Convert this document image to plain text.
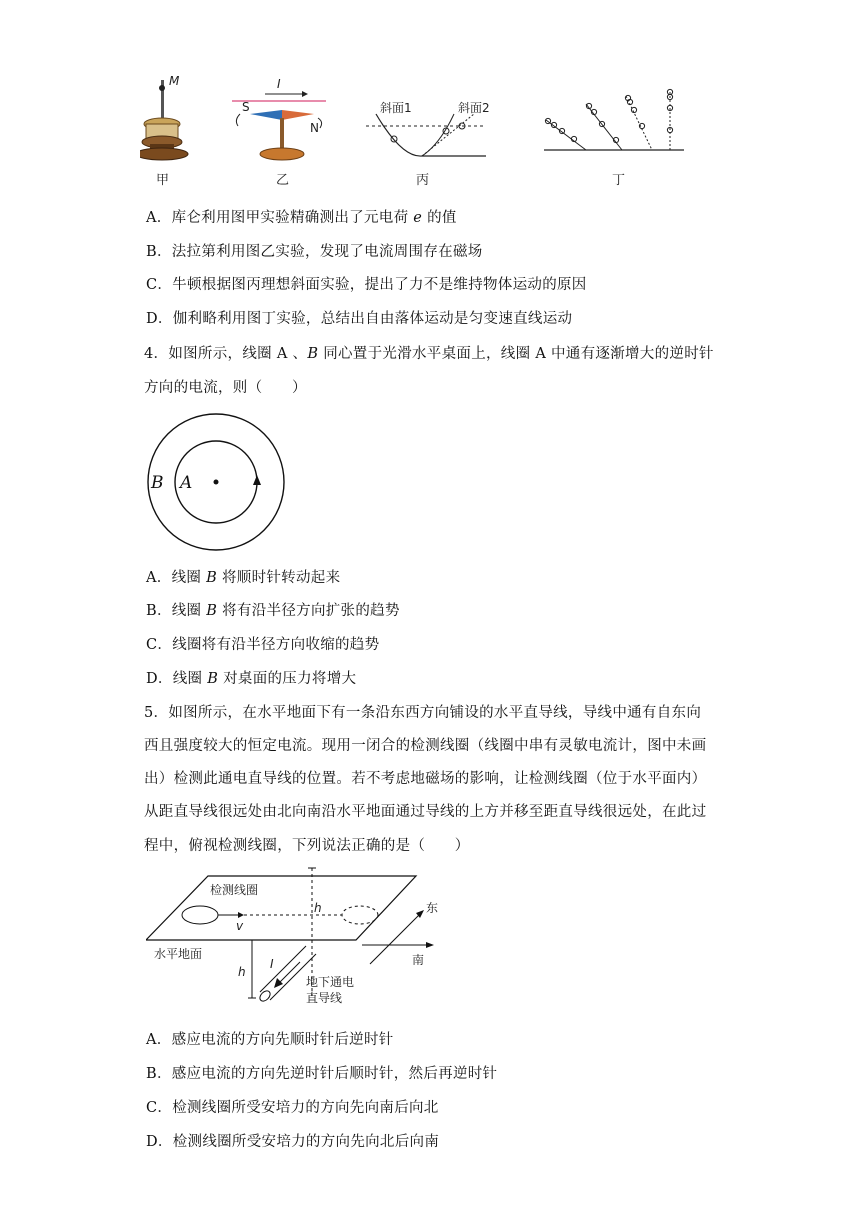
M
甲
I
S
N
乙
斜面1	斜面2
丙	丁
A．库仑利用图甲实验精确测出了元电荷 e 的值
B．法拉第利用图乙实验，发现了电流周围存在磁场
C．牛顿根据图丙理想斜面实验，提出了力不是维持物体运动的原因
D．伽利略利用图丁实验，总结出自由落体运动是匀变速直线运动
4．如图所示，线圈 A 、B 同心置于光滑水平桌面上，线圈 A 中通有逐渐增大的逆时针
方向的电流，则（　　）
B A
A．线圈 B 将顺时针转动起来
B．线圈 B 将有沿半径方向扩张的趋势
C．线圈将有沿半径方向收缩的趋势
D．线圈 B 对桌面的压力将增大
5．如图所示，在水平地面下有一条沿东西方向铺设的水平直导线，导线中通有自东向
西且强度较大的恒定电流。现用一闭合的检测线圈（线圈中串有灵敏电流计，图中未画
出）检测此通电直导线的位置。若不考虑地磁场的影响，让检测线圈（位于水平面内）
从距直导线很远处由北向南沿水平地面通过导线的上方并移至距直导线很远处，在此过
程中，俯视检测线圈，下列说法正确的是（　　）
检测线圈
水平地面
v
h
h
I
地下通电
直导线
东
南
A．感应电流的方向先顺时针后逆时针
B．感应电流的方向先逆时针后顺时针，然后再逆时针
C．检测线圈所受安培力的方向先向南后向北
D．检测线圈所受安培力的方向先向北后向南
